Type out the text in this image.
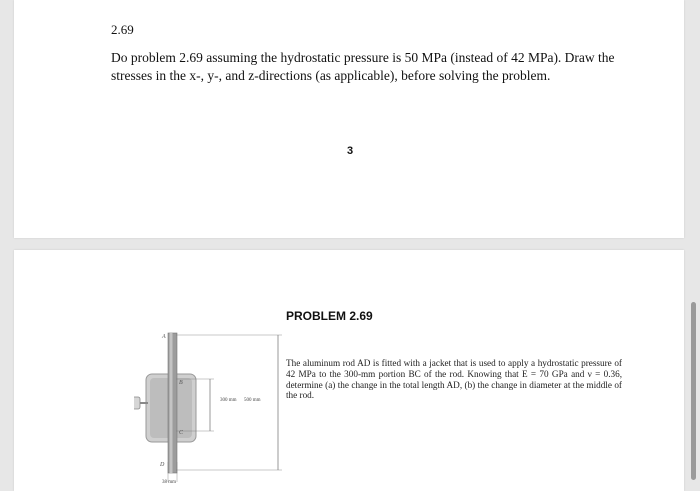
2.69
Do problem 2.69 assuming the hydrostatic pressure is 50 MPa (instead of 42 MPa). Draw the stresses in the x-, y-, and z-directions (as applicable), before solving the problem.
3
A
B
C
D
300 mm 500 mm
38 mm
PROBLEM 2.69
The aluminum rod AD is fitted with a jacket that is used to apply a hydrostatic pressure of 42 MPa to the 300-mm portion BC of the rod. Knowing that E = 70 GPa and ν = 0.36, determine (a) the change in the total length AD, (b) the change in diameter at the middle of the rod.
